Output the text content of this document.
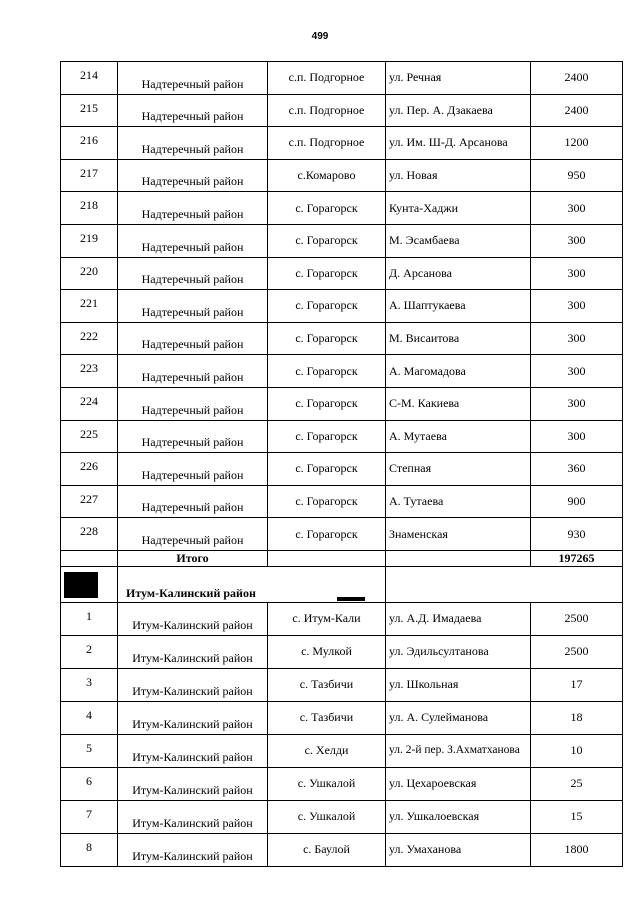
499
214	Надтеречный район	с.п. Подгорное	ул. Речная	2400
215	Надтеречный район	с.п. Подгорное	ул. Пер. А. Дзакаева	2400
216	Надтеречный район	с.п. Подгорное	ул. Им. Ш-Д. Арсанова	1200
217	Надтеречный район	с.Комарово	ул. Новая	950
218	Надтеречный район	с. Горагорск	Кунта-Хаджи	300
219	Надтеречный район	с. Горагорск	М. Эсамбаева	300
220	Надтеречный район	с. Горагорск	Д. Арсанова	300
221	Надтеречный район	с. Горагорск	А. Шаптукаева	300
222	Надтеречный район	с. Горагорск	М. Висаитова	300
223	Надтеречный район	с. Горагорск	А. Магомадова	300
224	Надтеречный район	с. Горагорск	С-М. Какиева	300
225	Надтеречный район	с. Горагорск	А. Мутаева	300
226	Надтеречный район	с. Горагорск	Степная	360
227	Надтеречный район	с. Горагорск	А. Тутаева	900
228	Надтеречный район	с. Горагорск	Знаменская	930
	Итого			197265
	Итум-Калинский район			
1	Итум-Калинский район	с. Итум-Кали	ул. А.Д. Имадаева	2500
2	Итум-Калинский район	с. Мулкой	ул. Эдильсултанова	2500
3	Итум-Калинский район	с. Тазбичи	ул. Школьная	17
4	Итум-Калинский район	с. Тазбичи	ул. А. Сулейманова	18
5	Итум-Калинский район	с. Хелди	ул. 2-й пер. З.Ахматханова	10
6	Итум-Калинский район	с. Ушкалой	ул. Цехароевская	25
7	Итум-Калинский район	с. Ушкалой	ул. Ушкалоевская	15
8	Итум-Калинский район	с. Баулой	ул. Умаханова	1800
